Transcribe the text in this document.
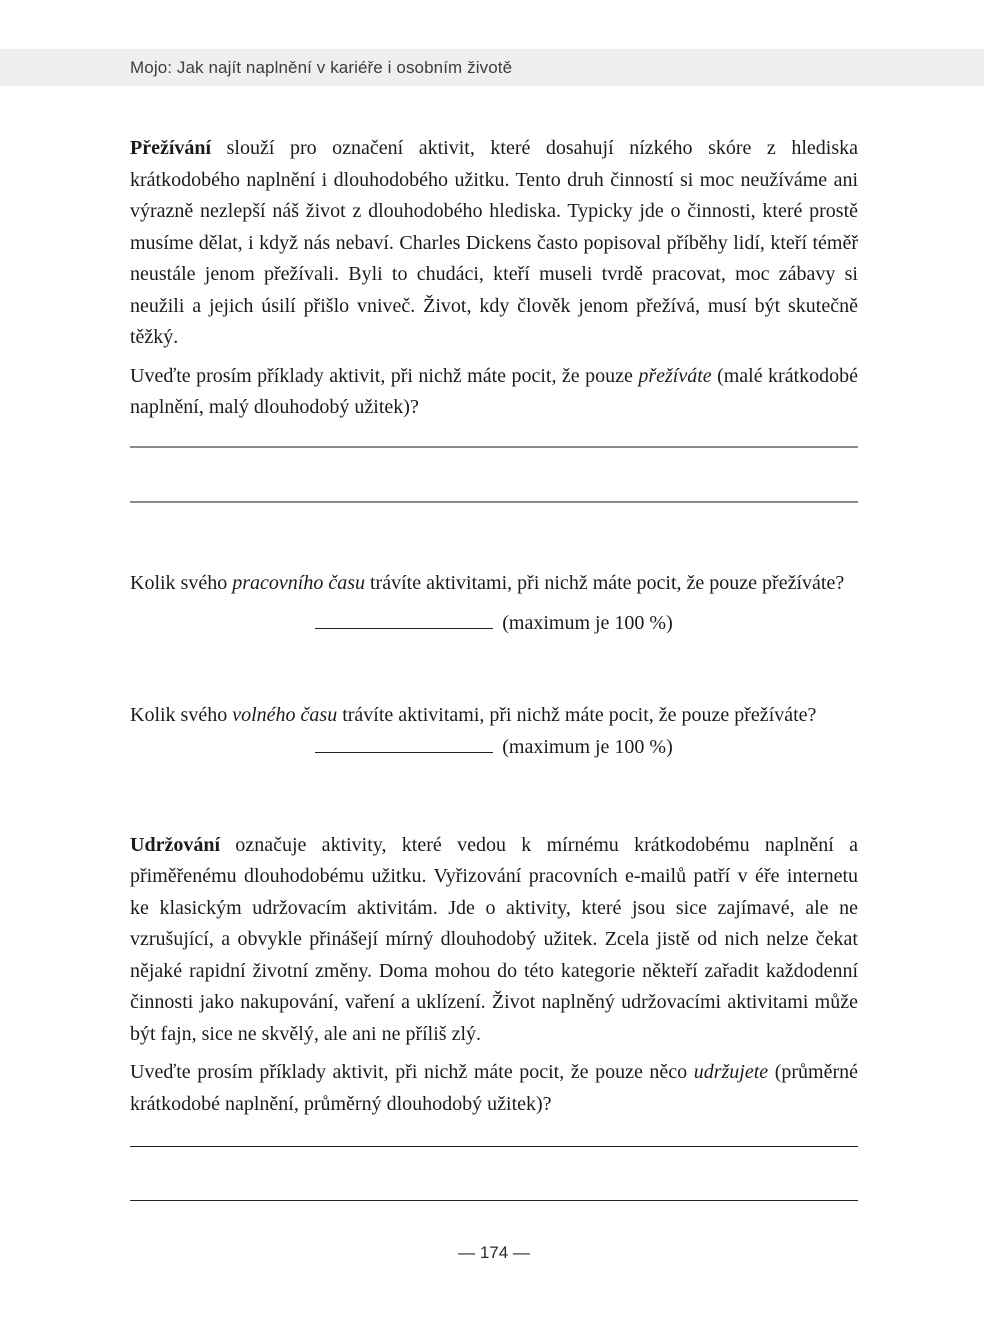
Mojo: Jak najít naplnění v kariéře i osobním životě

Přežívání slouží pro označení aktivit, které dosahují nízkého skóre z hlediska krátkodobého naplnění i dlouhodobého užitku. Tento druh činností si moc neužíváme ani výrazně nezlepší náš život z dlouhodobého hlediska. Typicky jde o činnosti, které prostě musíme dělat, i když nás nebaví. Charles Dickens často popisoval příběhy lidí, kteří téměř neustále jenom přežívali. Byli to chudáci, kteří museli tvrdě pracovat, moc zábavy si neužili a jejich úsilí přišlo vniveč. Život, kdy člověk jenom přežívá, musí být skutečně těžký.

Uveďte prosím příklady aktivit, při nichž máte pocit, že pouze přežíváte (malé krátkodobé naplnění, malý dlouhodobý užitek)?

Kolik svého pracovního času trávíte aktivitami, při nichž máte pocit, že pouze přežíváte?

(maximum je 100 %)

Kolik svého volného času trávíte aktivitami, při nichž máte pocit, že pouze přežíváte?

(maximum je 100 %)

Udržování označuje aktivity, které vedou k mírnému krátkodobému naplnění a přiměřenému dlouhodobému užitku. Vyřizování pracovních e-mailů patří v éře internetu ke klasickým udržovacím aktivitám. Jde o aktivity, které jsou sice zajímavé, ale ne vzrušující, a obvykle přinášejí mírný dlouhodobý užitek. Zcela jistě od nich nelze čekat nějaké rapidní životní změny. Doma mohou do této kategorie někteří zařadit každodenní činnosti jako nakupování, vaření a uklízení. Život naplněný udržovacími aktivitami může být fajn, sice ne skvělý, ale ani ne příliš zlý.

Uveďte prosím příklady aktivit, při nichž máte pocit, že pouze něco udržujete (průměrné krátkodobé naplnění, průměrný dlouhodobý užitek)?

— 174 —
